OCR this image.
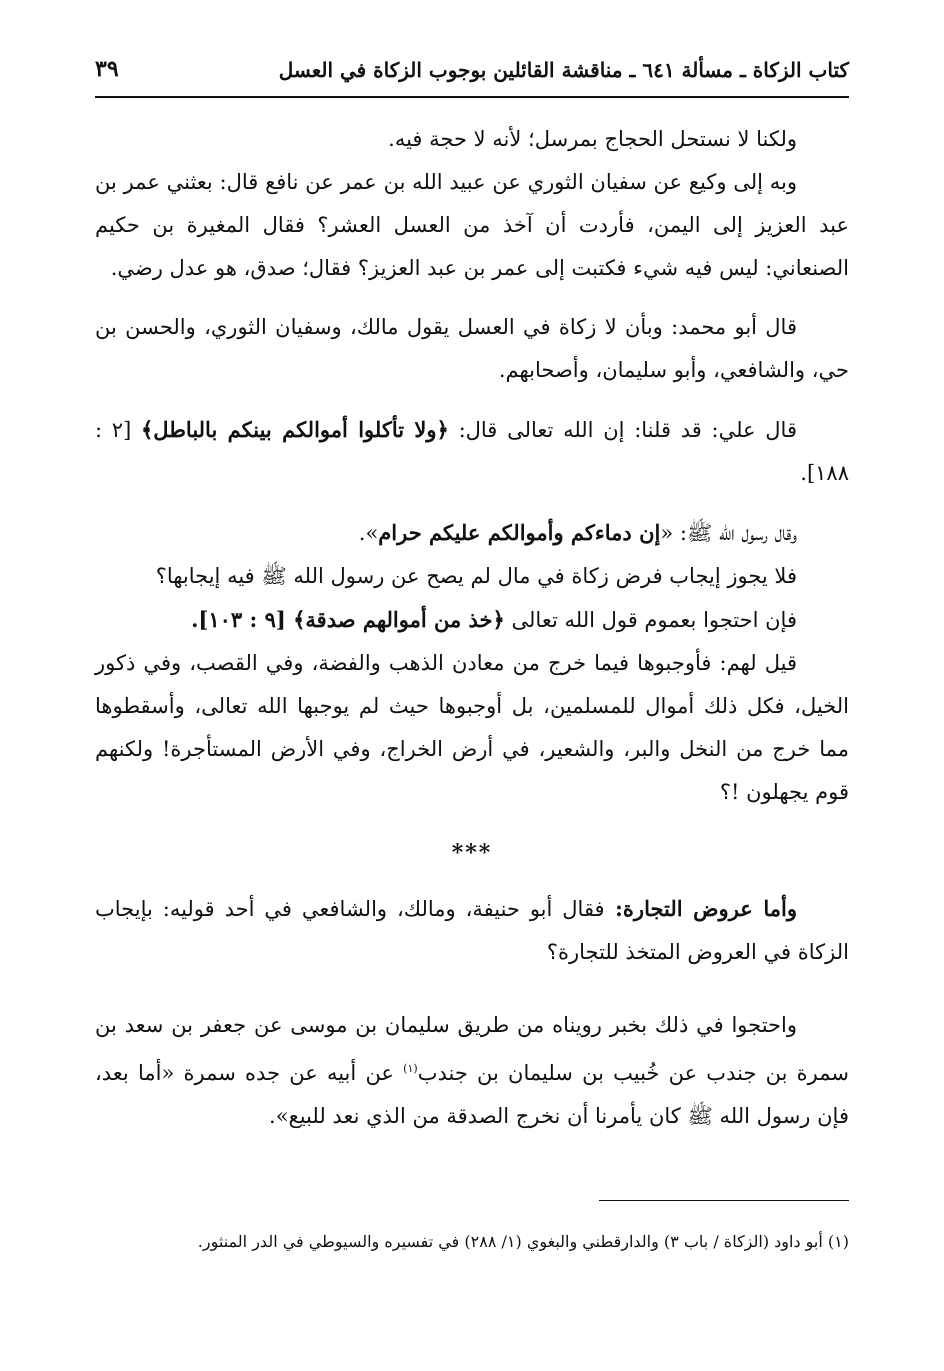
كتاب الزكاة ـ مسألة ٦٤١ ـ مناقشة القائلين بوجوب الزكاة في العسل
٣٩

ولكنا لا نستحل الحجاج بمرسل؛ لأنه لا حجة فيه.

وبه إلى وكيع عن سفيان الثوري عن عبيد الله بن عمر عن نافع قال: بعثني عمر بن عبد العزيز إلى اليمن، فأردت أن آخذ من العسل العشر؟ فقال المغيرة بن حكيم الصنعاني: ليس فيه شيء فكتبت إلى عمر بن عبد العزيز؟ فقال؛ صدق، هو عدل رضي.

قال أبو محمد: وبأن لا زكاة في العسل يقول مالك، وسفيان الثوري، والحسن بن حي، والشافعي، وأبو سليمان، وأصحابهم.

قال علي: قد قلنا: إن الله تعالى قال: ﴿ولا تأكلوا أموالكم بينكم بالباطل﴾ [٢ : ١٨٨].

وقال رسول الله ﷺ: «إن دماءكم وأموالكم عليكم حرام».

فلا يجوز إيجاب فرض زكاة في مال لم يصح عن رسول الله ﷺ فيه إيجابها؟

فإن احتجوا بعموم قول الله تعالى ﴿خذ من أموالهم صدقة﴾ [٩ : ١٠٣].

قيل لهم: فأوجبوها فيما خرج من معادن الذهب والفضة، وفي القصب، وفي ذكور الخيل، فكل ذلك أموال للمسلمين، بل أوجبوها حيث لم يوجبها الله تعالى، وأسقطوها مما خرج من النخل والبر، والشعير، في أرض الخراج، وفي الأرض المستأجرة! ولكنهم قوم يجهلون !؟

***

وأما عروض التجارة: فقال أبو حنيفة، ومالك، والشافعي في أحد قوليه: بإيجاب الزكاة في العروض المتخذ للتجارة؟

واحتجوا في ذلك بخبر رويناه من طريق سليمان بن موسى عن جعفر بن سعد بن سمرة بن جندب عن خُبيب بن سليمان بن جندب$^{(١)}$ عن أبيه عن جده سمرة «أما بعد، فإن رسول الله ﷺ كان يأمرنا أن نخرج الصدقة من الذي نعد للبيع».

(١) أبو داود (الزكاة / باب ٣) والدارقطني والبغوي (١/ ٢٨٨) في تفسيره والسيوطي في الدر المنثور.
